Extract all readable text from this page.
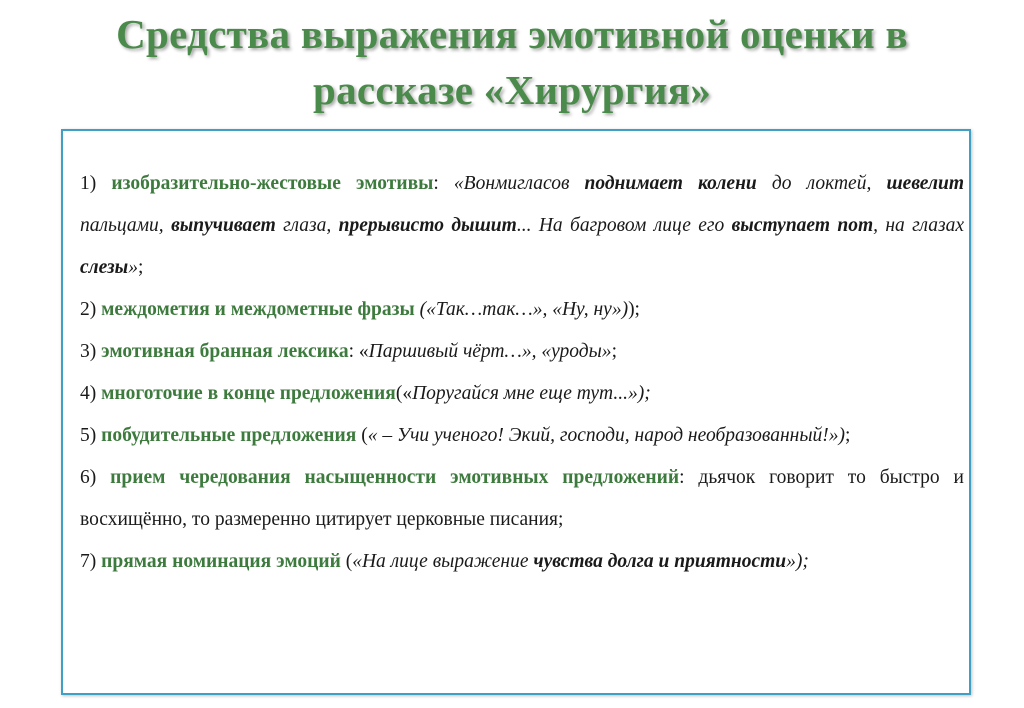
Средства выражения эмотивной оценки в
рассказе «Хирургия»

1) изобразительно-жестовые эмотивы: «Вонмигласов поднимает колени до локтей, шевелит пальцами, выпучивает глаза, прерывисто дышит... На багровом лице его выступает пот, на глазах слезы»;

2) междометия и междометные фразы («Так…так…», «Ну, ну»));

3) эмотивная бранная лексика: «Паршивый чёрт…», «уроды»;

4) многоточие в конце предложения(«Поругайся мне еще тут...»);

5) побудительные предложения (« – Учи ученого! Экий, господи, народ необразованный!»);

6) прием чередования насыщенности эмотивных предложений: дьячок говорит то быстро и восхищённо, то размеренно цитирует церковные писания;

7) прямая номинация эмоций («На лице выражение чувства долга и приятности»);
